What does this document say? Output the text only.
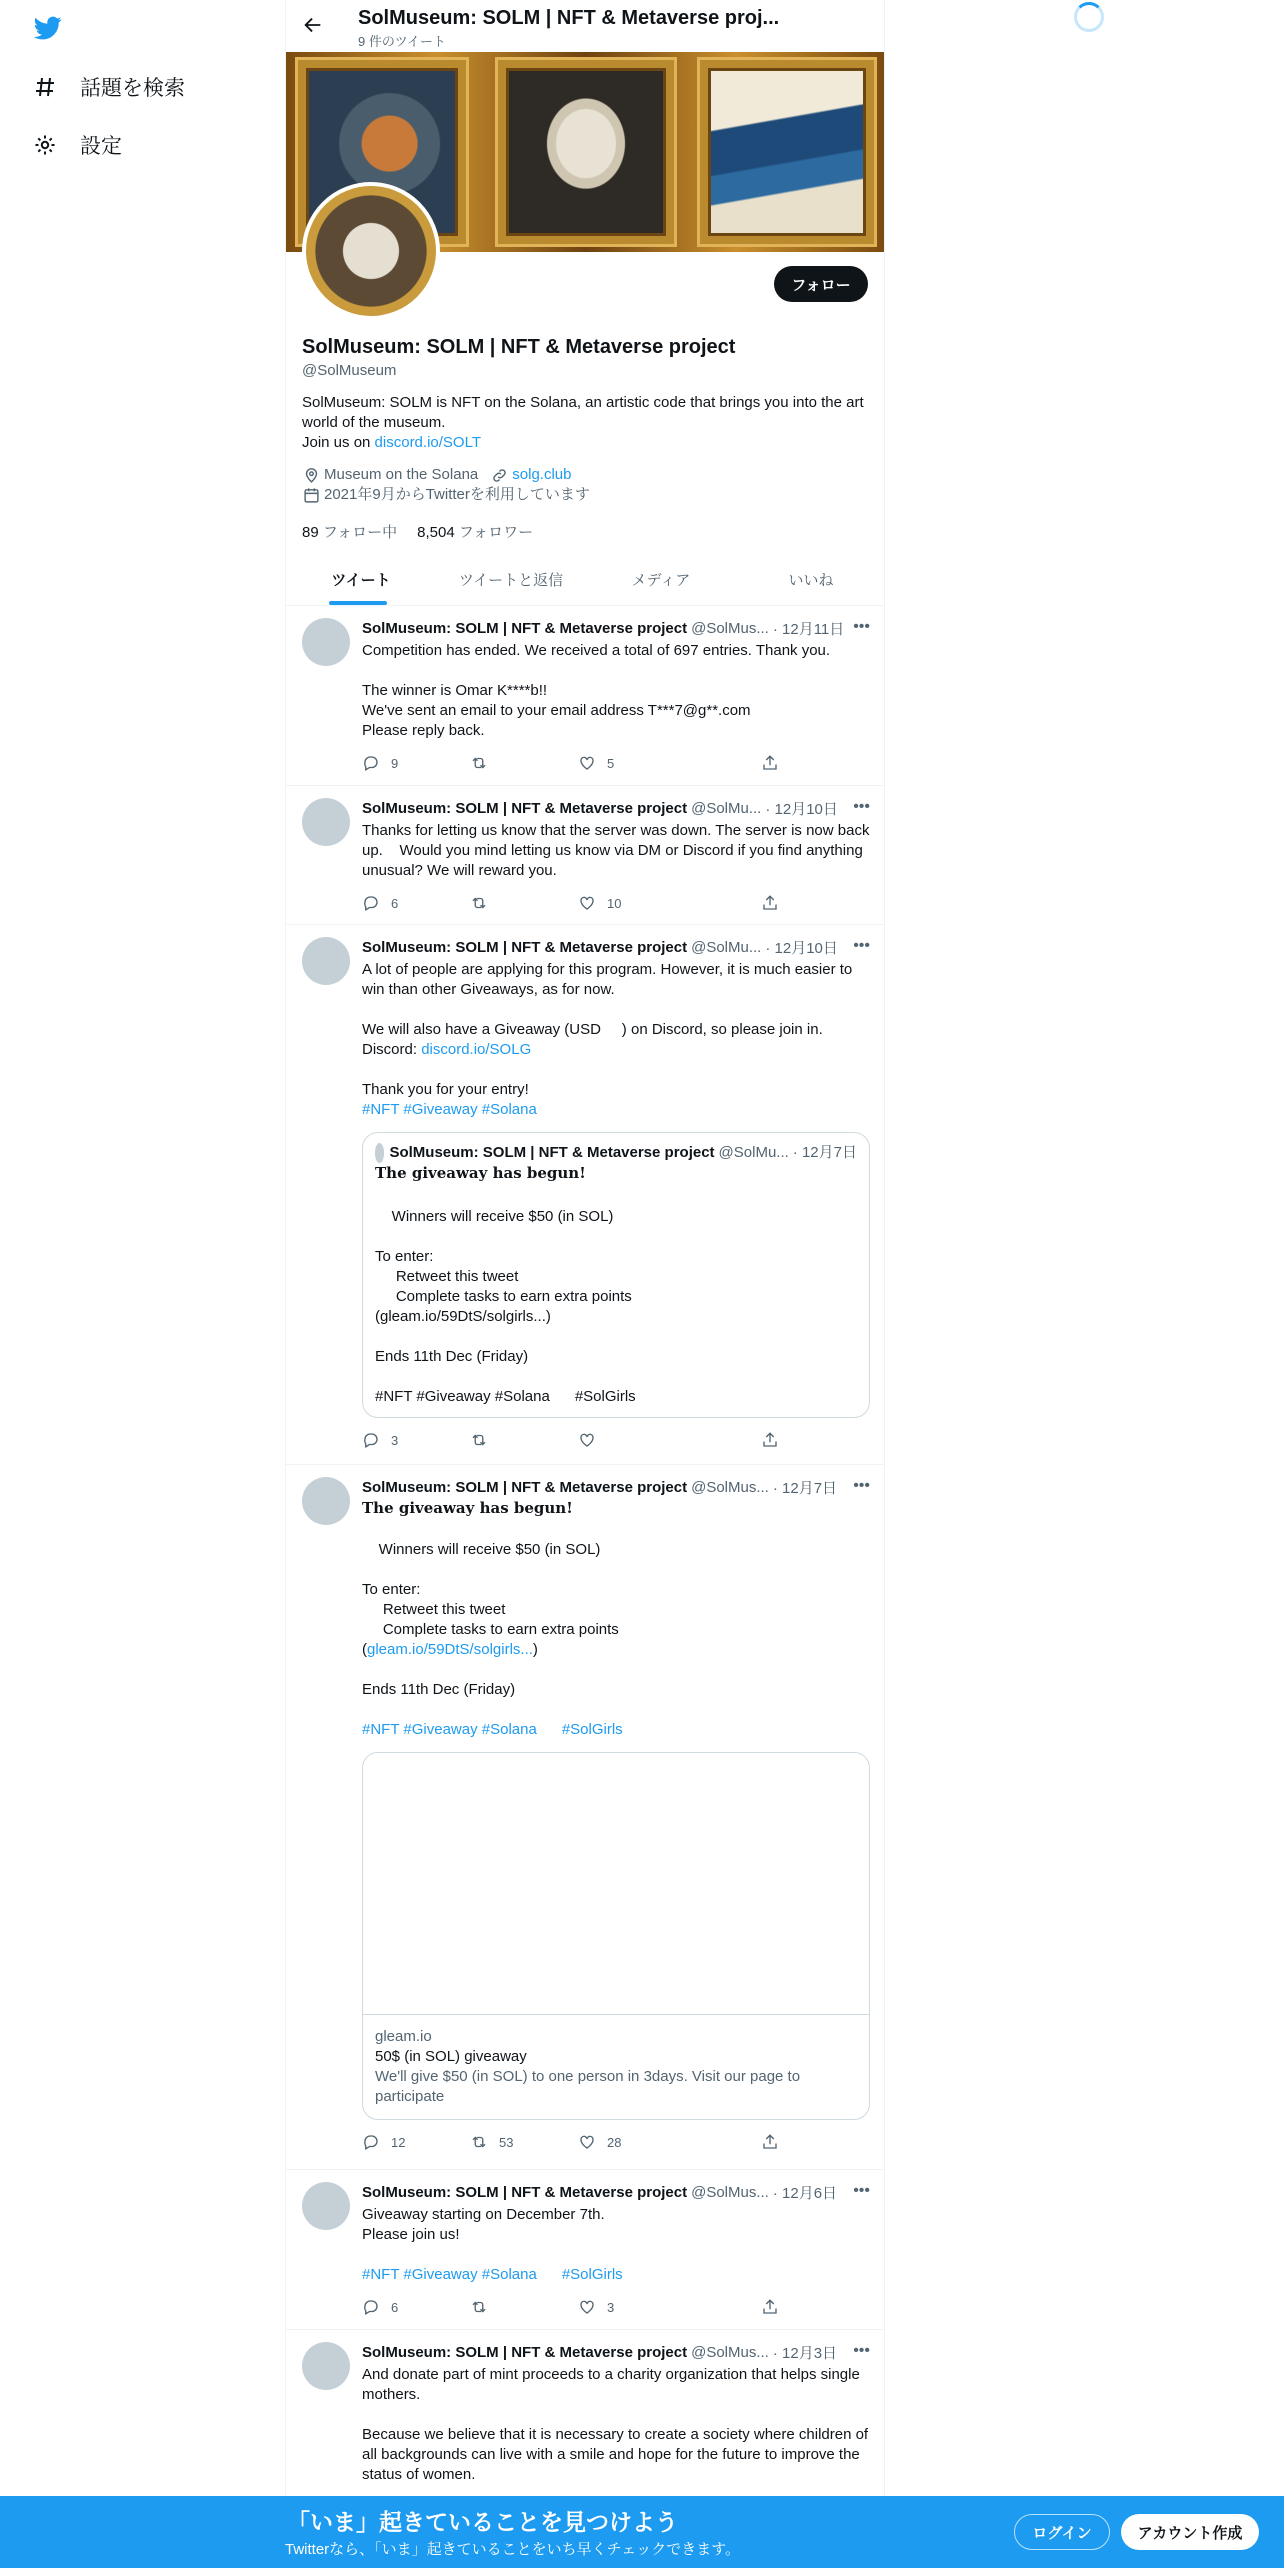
話題を検索
設定
SolMuseum: SOLM | NFT & Metaverse proj...
9 件のツイート
フォロー
SolMuseum: SOLM | NFT & Metaverse project
@SolMuseum
SolMuseum: SOLM is NFT on the Solana, an artistic code that brings you into the art world of the museum.
Join us on discord.io/SOLT
Museum on the Solana solg.club
2021年9月からTwitterを利用しています
89 フォロー中 8,504 フォロワー
ツイート	ツイートと返信	メディア	いいね
SolMuseum: SOLM | NFT & Metaverse project @SolMus... · 12月11日 •••
Competition has ended. We received a total of 697 entries. Thank you.

The winner is Omar K****b!!
We've sent an email to your email address T***7@g**.com
Please reply back.
9	5
SolMuseum: SOLM | NFT & Metaverse project @SolMu... · 12月10日 •••
Thanks for letting us know that the server was down. The server is now back up.    Would you mind letting us know via DM or Discord if you find anything unusual? We will reward you.
6	10
SolMuseum: SOLM | NFT & Metaverse project @SolMu... · 12月10日 •••
A lot of people are applying for this program. However, it is much easier to win than other Giveaways, as for now.

We will also have a Giveaway (USD     ) on Discord, so please join in.
Discord: discord.io/SOLG

Thank you for your entry!
#NFT #Giveaway #Solana
SolMuseum: SOLM | NFT & Metaverse project @SolMu... · 12月7日
The giveaway has begun!

Winners will receive $50 (in SOL)

To enter:
Retweet this tweet
Complete tasks to earn extra points
(gleam.io/59DtS/solgirls...)

Ends 11th Dec (Friday)

#NFT #Giveaway #Solana      #SolGirls
3
SolMuseum: SOLM | NFT & Metaverse project @SolMus... · 12月7日 •••
The giveaway has begun!

Winners will receive $50 (in SOL)

To enter:
Retweet this tweet
Complete tasks to earn extra points
(gleam.io/59DtS/solgirls...)

Ends 11th Dec (Friday)

#NFT #Giveaway #Solana      #SolGirls
gleam.io
50$ (in SOL) giveaway
We'll give $50 (in SOL) to one person in 3days. Visit our page to participate
12	53	28
SolMuseum: SOLM | NFT & Metaverse project @SolMus... · 12月6日 •••
Giveaway starting on December 7th.
Please join us!

#NFT #Giveaway #Solana      #SolGirls
6	3
SolMuseum: SOLM | NFT & Metaverse project @SolMus... · 12月3日 •••
And donate part of mint proceeds to a charity organization that helps single mothers.

Because we believe that it is necessary to create a society where children of all backgrounds can live with a smile and hope for the future to improve the status of women.
「いま」起きていることを見つけよう
Twitterなら、「いま」起きていることをいち早くチェックできます。
ログイン	アカウント作成
